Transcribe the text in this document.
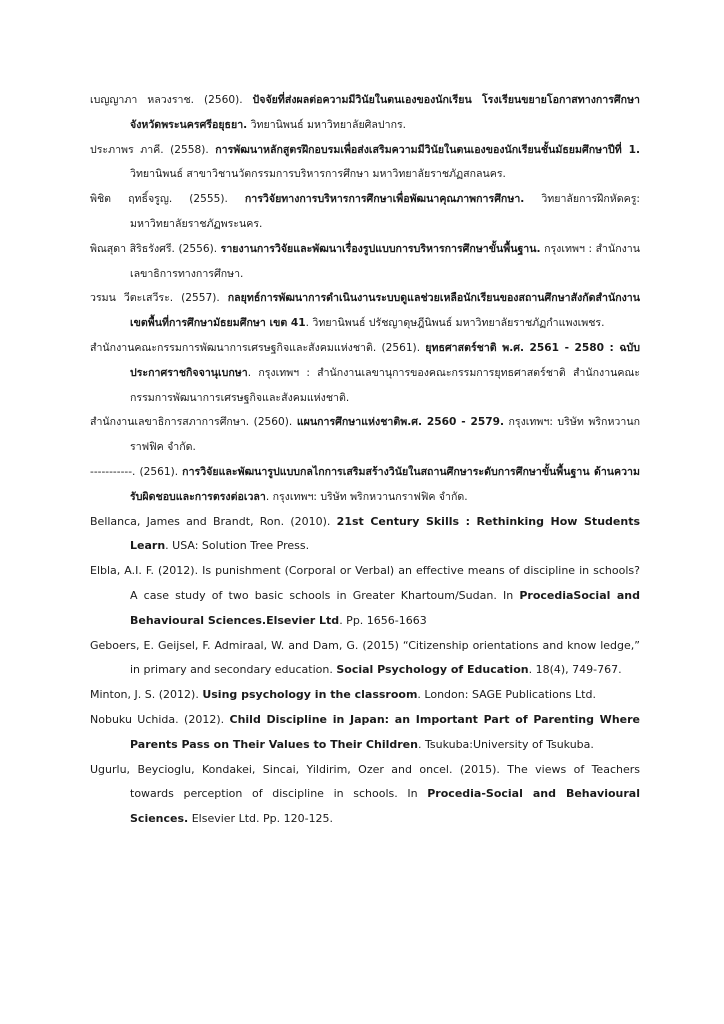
เบญญาภา หลวงราช. (2560). ปัจจัยที่ส่งผลต่อความมีวินัยในตนเองของนักเรียน โรงเรียนขยายโอกาสทางการศึกษา จังหวัดพระนครศรีอยุธยา. วิทยานิพนธ์ มหาวิทยาลัยศิลปากร.

ประภาพร ภาคี. (2558). การพัฒนาหลักสูตรฝึกอบรมเพื่อส่งเสริมความมีวินัยในตนเองของนักเรียนชั้นมัธยมศึกษาปีที่ 1. วิทยานิพนธ์ สาขาวิชานวัตกรรมการบริหารการศึกษา มหาวิทยาลัยราชภัฏสกลนคร.

พิชิต ฤทธิ์จรูญ. (2555). การวิจัยทางการบริหารการศึกษาเพื่อพัฒนาคุณภาพการศึกษา. วิทยาลัยการฝึกหัดครู: มหาวิทยาลัยราชภัฏพระนคร.

พิณสุดา สิริธรังศรี. (2556). รายงานการวิจัยและพัฒนาเรื่องรูปแบบการบริหารการศึกษาขั้นพื้นฐาน. กรุงเทพฯ : สำนักงานเลขาธิการทางการศึกษา.

วรมน วีตะเสวีระ. (2557). กลยุทธ์การพัฒนาการดำเนินงานระบบดูแลช่วยเหลือนักเรียนของสถานศึกษาสังกัดสำนักงานเขตพื้นที่การศึกษามัธยมศึกษา เขต 41. วิทยานิพนธ์ ปรัชญาดุษฎีนิพนธ์ มหาวิทยาลัยราชภัฏกำแพงเพชร.

สำนักงานคณะกรรมการพัฒนาการเศรษฐกิจและสังคมแห่งชาติ. (2561). ยุทธศาสตร์ชาติ พ.ศ. 2561 - 2580 : ฉบับประกาศราชกิจจานุเบกษา. กรุงเทพฯ : สำนักงานเลขานุการของคณะกรรมการยุทธศาสตร์ชาติ สำนักงานคณะกรรมการพัฒนาการเศรษฐกิจและสังคมแห่งชาติ.

สำนักงานเลขาธิการสภาการศึกษา. (2560). แผนการศึกษาแห่งชาติพ.ศ. 2560 - 2579. กรุงเทพฯ: บริษัท พริกหวานกราฟฟิค จำกัด.

-----------. (2561). การวิจัยและพัฒนารูปแบบกลไกการเสริมสร้างวินัยในสถานศึกษาระดับการศึกษาขั้นพื้นฐาน ด้านความรับผิดชอบและการตรงต่อเวลา. กรุงเทพฯ: บริษัท พริกหวานกราฟฟิค จำกัด.

Bellanca, James and Brandt, Ron. (2010). 21st Century Skills : Rethinking How Students Learn. USA: Solution Tree Press.

Elbla, A.I. F. (2012). Is punishment (Corporal or Verbal) an effective means of discipline in schools? A case study of two basic schools in Greater Khartoum/Sudan. In ProcediaSocial and Behavioural Sciences.Elsevier Ltd. Pp. 1656-1663

Geboers, E. Geijsel, F. Admiraal, W. and Dam, G. (2015) “Citizenship orientations and know ledge,” in primary and secondary education. Social Psychology of Education. 18(4), 749-767.

Minton, J. S. (2012). Using psychology in the classroom. London: SAGE Publications Ltd.

Nobuku Uchida. (2012). Child Discipline in Japan: an Important Part of Parenting Where Parents Pass on Their Values to Their Children. Tsukuba:University of Tsukuba.

Ugurlu, Beycioglu, Kondakei, Sincai, Yildirim, Ozer and oncel. (2015). The views of Teachers towards perception of discipline in schools. In Procedia-Social and Behavioural Sciences. Elsevier Ltd. Pp. 120-125.
